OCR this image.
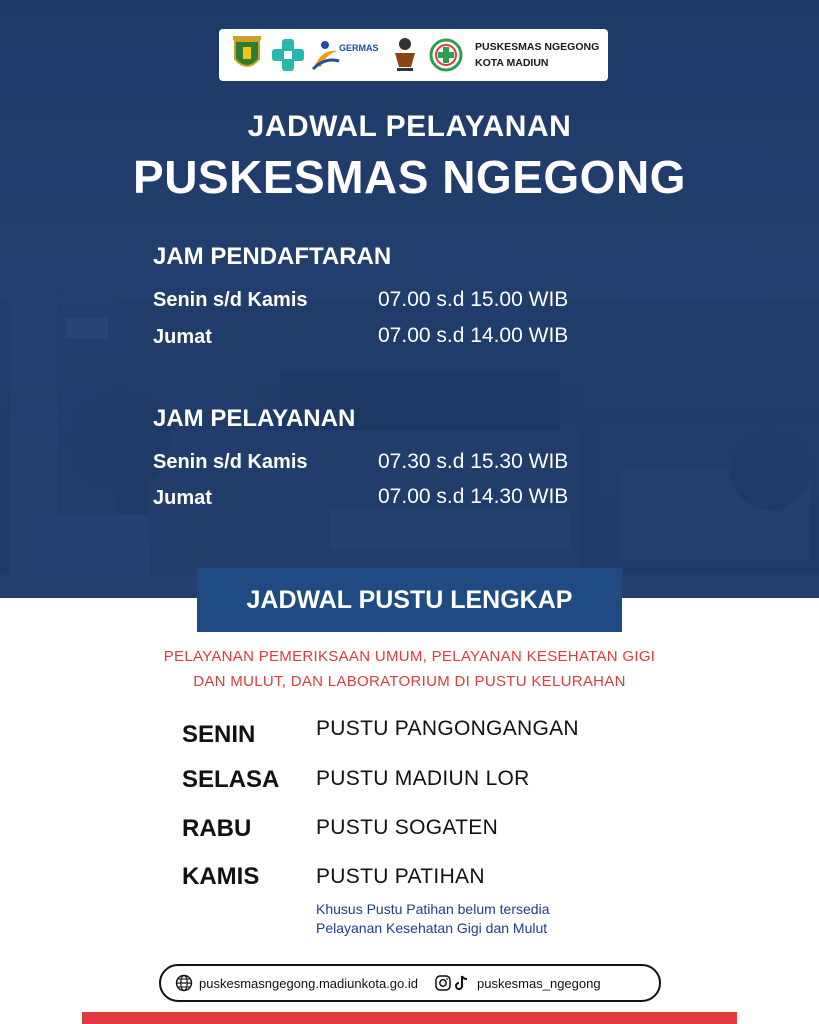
GERMAS	PUSKESMAS NGEGONG
KOTA MADIUN
JADWAL PELAYANAN
PUSKESMAS NGEGONG
JAM PENDAFTARAN
Senin s/d Kamis	07.00 s.d 15.00 WIB
Jumat	07.00 s.d 14.00 WIB
JAM PELAYANAN
Senin s/d Kamis	07.30 s.d 15.30 WIB
Jumat	07.00 s.d 14.30 WIB
JADWAL PUSTU LENGKAP
PELAYANAN PEMERIKSAAN UMUM, PELAYANAN KESEHATAN GIGI
DAN MULUT, DAN LABORATORIUM DI PUSTU KELURAHAN
SENIN	PUSTU PANGONGANGAN
SELASA PUSTU MADIUN LOR
RABU	PUSTU SOGATEN
KAMIS	PUSTU PATIHAN
Khusus Pustu Patihan belum tersedia
Pelayanan Kesehatan Gigi dan Mulut
puskesmasngegong.madiunkota.go.id	puskesmas_ngegong
